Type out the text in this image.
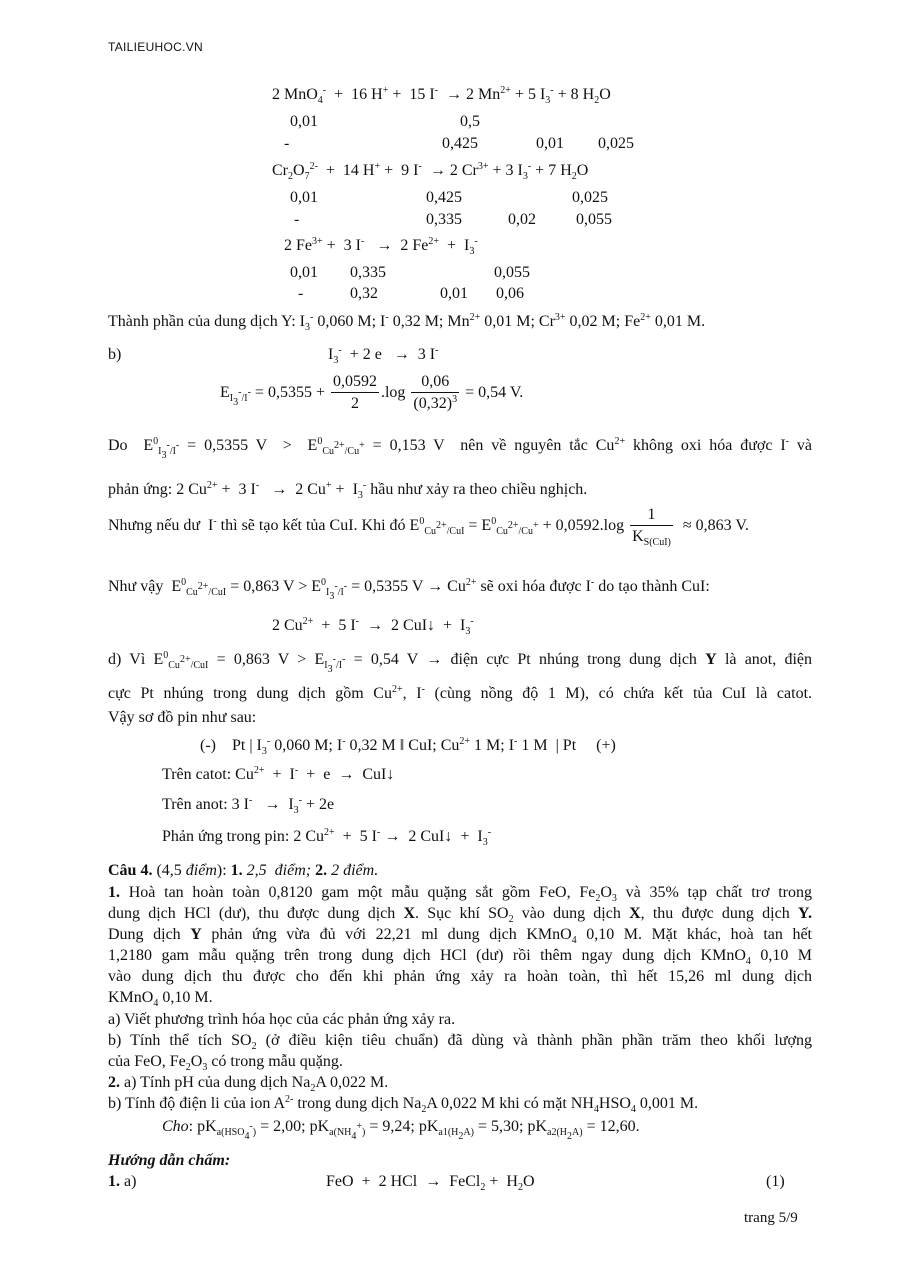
TAILIEUHOC.VN
2 MnO$_4$-  +  16 H+ +  15 I-  → 2 $Mn^{2+} + 5$ $I_3^- + 8$ $H_2O$
0,01	0,5
-	0,425	0,01 0,025
$Cr_2O_7^{2-} + 14$ H+ +  9 I-  → 2 $Cr^{3+} + 3$ $I_3^- + 7$ $H_2O$
0,01	0,425	0,025
-	0,335	0,02	0,055
2 $Fe^{3+} + 3$ I-   →  2 $Fe^{2+} + I_3^-$
0,01 0,335	0,055
-	0,32	0,01 0,06
Thành phần của dung dịch Y: $I_3^-$ 0,060 M; I- 0,32 M; $Mn^{2+}$ 0,01 M; $Cr^{3+}$ 0,02 M; $Fe^{2+}$ 0,01 M.
b)	$I_3^- + 2$ e   →  3 I-
$E_{I_3^-/I^-} = 0,5355 + \frac{0,0592}{2} .\log \frac{0,06}{(0,32)^3} = 0,54$ V.
Do  $E^0_{I_3^-/I^-} = 0,5355$ $V > E^0_{Cu^{2+}/Cu^+} = 0,153$ V  nên về nguyên tắc $Cu^{2+}$ không oxi hóa được I- và
phản ứng: 2 $Cu^{2+} + 3$ I-   →  2 $Cu^+ + I_3^-$ hầu như xảy ra theo chiều nghịch.
Nhưng nếu dư  I- thì sẽ tạo kết tủa CuI. Khi đó $E^0_{Cu^{2+}/CuI} = E^0_{Cu^{2+}/Cu^+} + 0,0592.\log \frac{1}{K_{S(CuI)}} \approx 0,863$ V.
Như vậy  $E^0_{Cu^{2+}/CuI} = 0,863$ $V > E^0_{I_3^-/I^-} = 0,5355$ $V \to Cu^{2+}$ sẽ oxi hóa được I- do tạo thành CuI:
2 $Cu^{2+} + 5$ I-  →  2 CuI↓  +  $I_3^-$
d) Vì $E^0_{Cu^{2+}/CuI} = 0,863$ $V > E_{I_3^-/I^-} = 0,54$ V → điện cực Pt nhúng trong dung dịch Y là anot, điện
cực Pt nhúng trong dung dịch gồm $Cu^{2+}$, I- (cùng nồng độ 1 M), có chứa kết tủa CuI là catot.
Vậy sơ đồ pin như sau:
(-)    Pt | $I_3^-$ 0,060 M; I- 0,32 M ‖ CuI; $Cu^{2+}$ 1 M; I- 1 M  | Pt     (+)
Trên catot: $Cu^{2+} + I^- + e$  →  CuI↓
Trên anot: 3 $I^- \to I_3^- + 2e$
Phản ứng trong pin: 2 $Cu^{2+} + 5$ I- →  2 CuI↓  +  $I_3^-$
Câu 4. (4,5 điểm): 1. 2,5  điểm; 2. 2 điểm.
1. Hoà tan hoàn toàn 0,8120 gam một mẫu quặng sắt gồm FeO, $Fe_2O_3$ và 35% tạp chất trơ trong
dung dịch HCl (dư), thu được dung dịch X. Sục khí $SO_2$ vào dung dịch X, thu được dung dịch Y.
Dung dịch Y phản ứng vừa đủ với 22,21 ml dung dịch KMnO$_4$ 0,10 M. Mặt khác, hoà tan hết
1,2180 gam mẫu quặng trên trong dung dịch HCl (dư) rồi thêm ngay dung dịch KMnO$_4$ 0,10 M
vào dung dịch thu được cho đến khi phản ứng xảy ra hoàn toàn, thì hết 15,26 ml dung dịch
KMnO$_4$ 0,10 M.
a) Viết phương trình hóa học của các phản ứng xảy ra.
b) Tính thể tích $SO_2$ (ở điều kiện tiêu chuẩn) đã dùng và thành phần phần trăm theo khối lượng
của FeO, $Fe_2O_3$ có trong mẫu quặng.
2. a) Tính pH của dung dịch $Na_2A$ 0,022 M.
b) Tính độ điện li của ion $A^{2-}$ trong dung dịch $Na_2A$ 0,022 M khi có mặt $NH_4HSO_4$ 0,001 M.
Cho: $pK_{a(HSO_4^-)} = 2,00$; $pK_{a(NH_4^+)} = 9,24$; $pK_{a1(H_2A)} = 5,30$; $pK_{a2(H_2A)} = 12,60$.
Hướng dẫn chấm:
1. a)	FeO  +  2 HCl  →  FeCl$_2$ +  $H_2O$	(1)
trang 5/9
